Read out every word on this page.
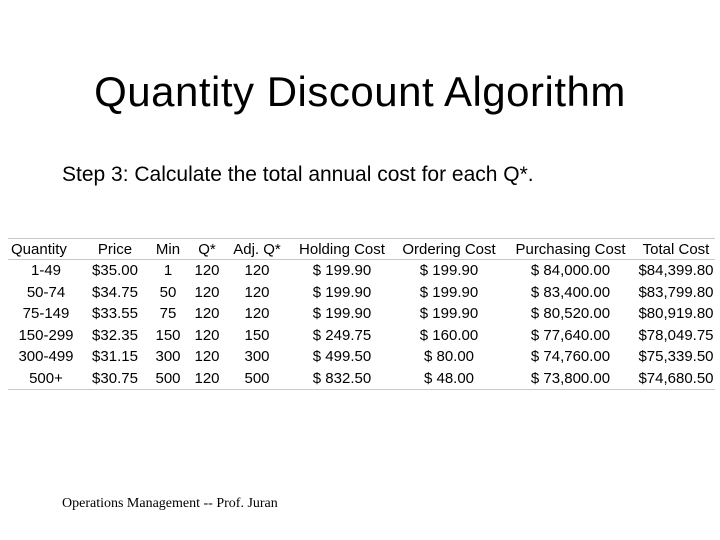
Quantity Discount Algorithm
Step 3: Calculate the total annual cost for each Q*.
Quantity	Price	Min	Q*	Adj. Q*	Holding Cost	Ordering Cost	Purchasing Cost	Total Cost
1-49	$35.00	1	120	120	$ 199.90	$ 199.90	$ 84,000.00	$84,399.80
50-74	$34.75	50	120	120	$ 199.90	$ 199.90	$ 83,400.00	$83,799.80
75-149	$33.55	75	120	120	$ 199.90	$ 199.90	$ 80,520.00	$80,919.80
150-299	$32.35	150	120	150	$ 249.75	$ 160.00	$ 77,640.00	$78,049.75
300-499	$31.15	300	120	300	$ 499.50	$ 80.00	$ 74,760.00	$75,339.50
500+	$30.75	500	120	500	$ 832.50	$ 48.00	$ 73,800.00	$74,680.50
Operations Management -- Prof. Juran
